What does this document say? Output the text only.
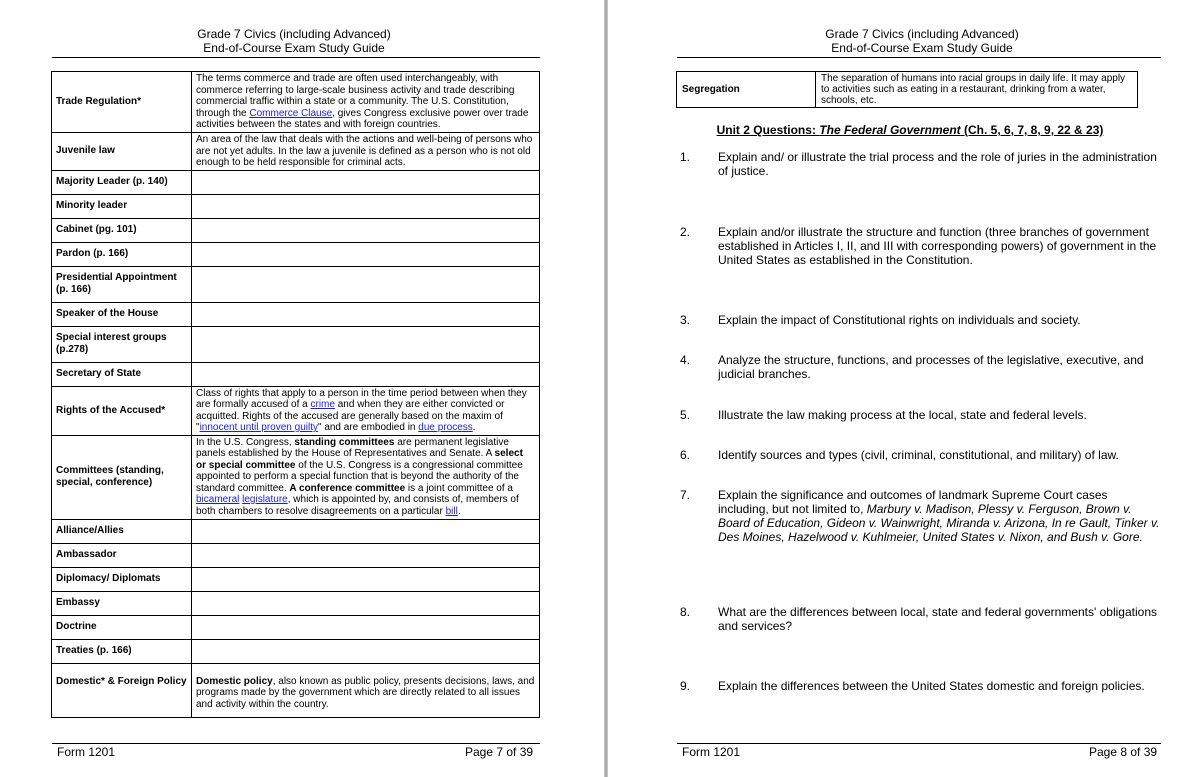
Grade 7 Civics (including Advanced)
End-of-Course Exam Study Guide
Trade Regulation*	The terms commerce and trade are often used interchangeably, with commerce referring to large-scale business activity and trade describing commercial traffic within a state or a community. The U.S. Constitution, through the Commerce Clause, gives Congress exclusive power over trade activities between the states and with foreign countries.
Juvenile law	An area of the law that deals with the actions and well-being of persons who are not yet adults. In the law a juvenile is defined as a person who is not old enough to be held responsible for criminal acts.
Majority Leader (p. 140)	
Minority leader	
Cabinet (pg. 101)	
Pardon (p. 166)	
Presidential Appointment (p. 166)	
Speaker of the House	
Special interest groups (p.278)	
Secretary of State	
Rights of the Accused*	Class of rights that apply to a person in the time period between when they are formally accused of a crime and when they are either convicted or acquitted. Rights of the accused are generally based on the maxim of "innocent until proven guilty" and are embodied in due process.
Committees (standing, special, conference)	In the U.S. Congress, standing committees are permanent legislative panels established by the House of Representatives and Senate. A select or special committee of the U.S. Congress is a congressional committee appointed to perform a special function that is beyond the authority of the standard committee. A conference committee is a joint committee of a bicameral legislature, which is appointed by, and consists of, members of both chambers to resolve disagreements on a particular bill.
Alliance/Allies	
Ambassador	
Diplomacy/ Diplomats	
Embassy	
Doctrine	
Treaties (p. 166)	
Domestic* & Foreign Policy	Domestic policy, also known as public policy, presents decisions, laws, and programs made by the government which are directly related to all issues and activity within the country.
Form 1201	Page 7 of 39
Grade 7 Civics (including Advanced)
End-of-Course Exam Study Guide
Segregation	The separation of humans into racial groups in daily life. It may apply to activities such as eating in a restaurant, drinking from a water, schools, etc.
Unit 2 Questions: The Federal Government (Ch. 5, 6, 7, 8, 9, 22 & 23)
1. Explain and/ or illustrate the trial process and the role of juries in the administration of justice.
2. Explain and/or illustrate the structure and function (three branches of government established in Articles I, II, and III with corresponding powers) of government in the United States as established in the Constitution.
3. Explain the impact of Constitutional rights on individuals and society.
4. Analyze the structure, functions, and processes of the legislative, executive, and judicial branches.
5. Illustrate the law making process at the local, state and federal levels.
6. Identify sources and types (civil, criminal, constitutional, and military) of law.
7. Explain the significance and outcomes of landmark Supreme Court cases including, but not limited to, Marbury v. Madison, Plessy v. Ferguson, Brown v. Board of Education, Gideon v. Wainwright, Miranda v. Arizona, In re Gault, Tinker v. Des Moines, Hazelwood v. Kuhlmeier, United States v. Nixon, and Bush v. Gore.
8. What are the differences between local, state and federal governments' obligations and services?
9. Explain the differences between the United States domestic and foreign policies.
Form 1201	Page 8 of 39
